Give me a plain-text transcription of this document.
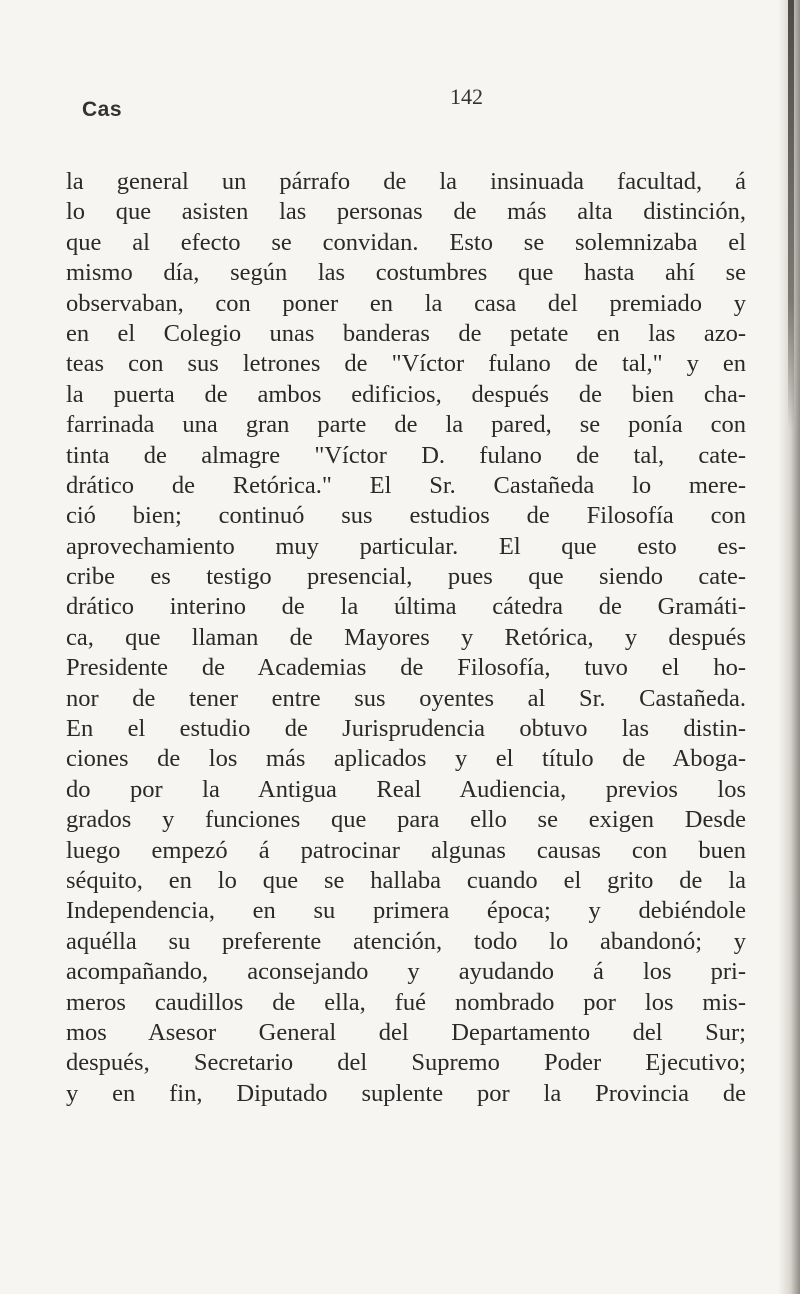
Cas
142
la general un párrafo de la insinuada facultad, á
lo que asisten las personas de más alta distinción,
que al efecto se convidan. Esto se solemnizaba el
mismo día, según las costumbres que hasta ahí se
observaban, con poner en la casa del premiado y
en el Colegio unas banderas de petate en las azo-
teas con sus letrones de "Víctor fulano de tal," y en
la puerta de ambos edificios, después de bien cha-
farrinada una gran parte de la pared, se ponía con
tinta de almagre "Víctor D. fulano de tal, cate-
drático de Retórica." El Sr. Castañeda lo mere-
ció bien; continuó sus estudios de Filosofía con
aprovechamiento muy particular. El que esto es-
cribe es testigo presencial, pues que siendo cate-
drático interino de la última cátedra de Gramáti-
ca, que llaman de Mayores y Retórica, y después
Presidente de Academias de Filosofía, tuvo el ho-
nor de tener entre sus oyentes al Sr. Castañeda.
En el estudio de Jurisprudencia obtuvo las distin-
ciones de los más aplicados y el título de Aboga-
do por la Antigua Real Audiencia, previos los
grados y funciones que para ello se exigen Desde
luego empezó á patrocinar algunas causas con buen
séquito, en lo que se hallaba cuando el grito de la
Independencia, en su primera época; y debiéndole
aquélla su preferente atención, todo lo abandonó; y
acompañando, aconsejando y ayudando á los pri-
meros caudillos de ella, fué nombrado por los mis-
mos Asesor General del Departamento del Sur;
después, Secretario del Supremo Poder Ejecutivo;
y en fin, Diputado suplente por la Provincia de
